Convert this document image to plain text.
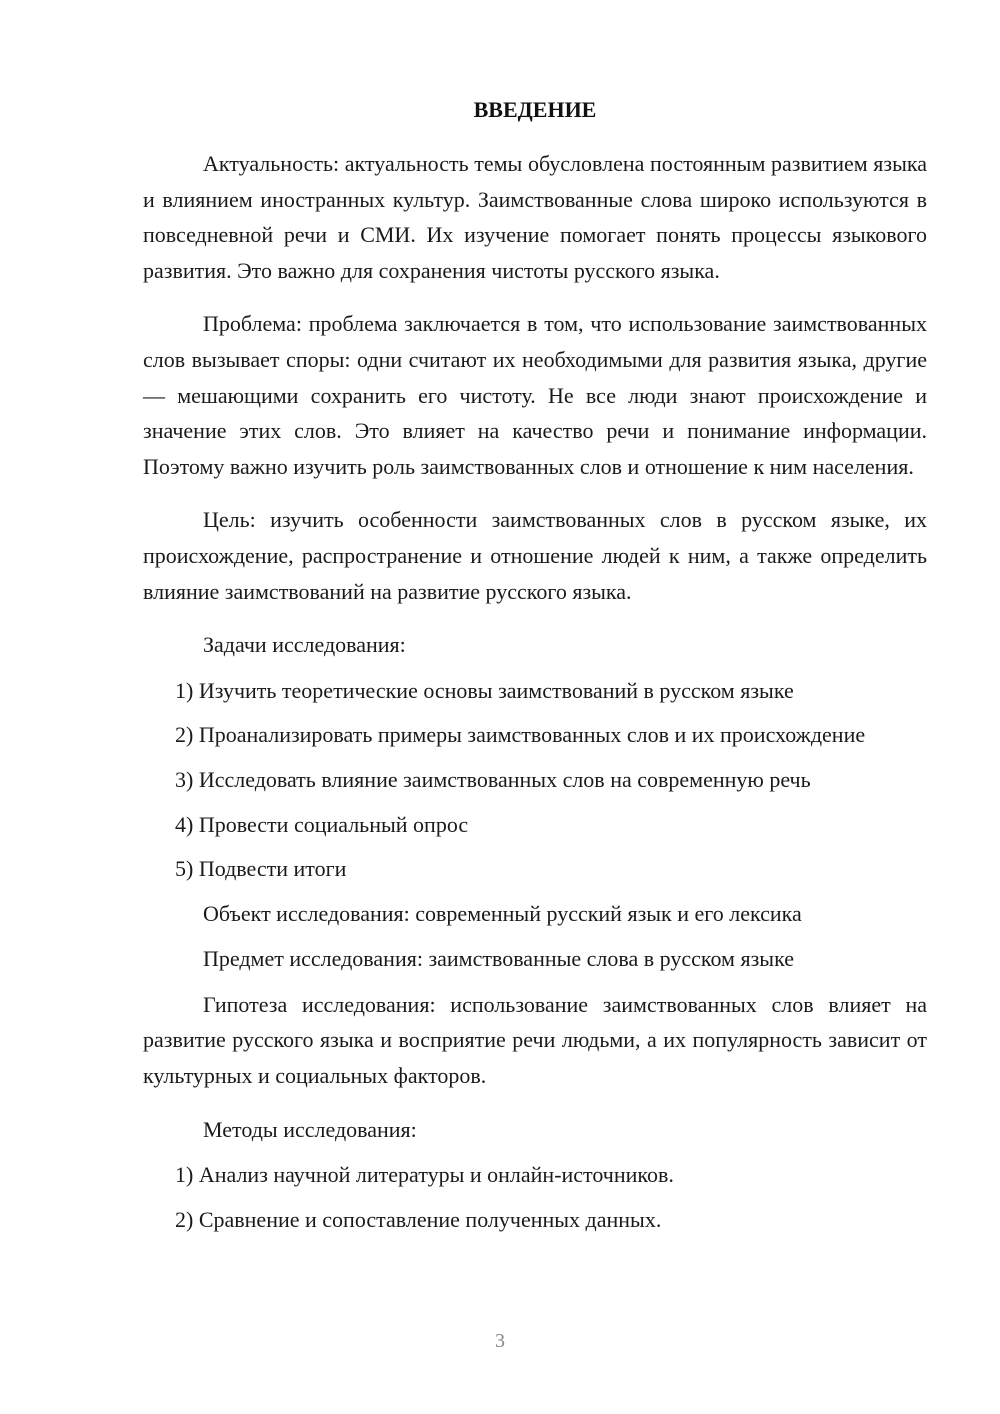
ВВЕДЕНИЕ

Актуальность: актуальность темы обусловлена постоянным развитием языка и влиянием иностранных культур. Заимствованные слова широко используются в повседневной речи и СМИ. Их изучение помогает понять процессы языкового развития. Это важно для сохранения чистоты русского языка.

Проблема: проблема заключается в том, что использование заимствованных слов вызывает споры: одни считают их необходимыми для развития языка, другие — мешающими сохранить его чистоту. Не все люди знают происхождение и значение этих слов. Это влияет на качество речи и понимание информации. Поэтому важно изучить роль заимствованных слов и отношение к ним населения.

Цель: изучить особенности заимствованных слов в русском языке, их происхождение, распространение и отношение людей к ним, а также определить влияние заимствований на развитие русского языка.

Задачи исследования:

1) Изучить теоретические основы заимствований в русском языке

2) Проанализировать примеры заимствованных слов и их происхождение

3) Исследовать влияние заимствованных слов на современную речь

4) Провести социальный опрос

5) Подвести итоги

Объект исследования: современный русский язык и его лексика

Предмет исследования: заимствованные слова в русском языке

Гипотеза исследования: использование заимствованных слов влияет на развитие русского языка и восприятие речи людьми, а их популярность зависит от культурных и социальных факторов.

Методы исследования:

1) Анализ научной литературы и онлайн-источников.

2) Сравнение и сопоставление полученных данных.

3
